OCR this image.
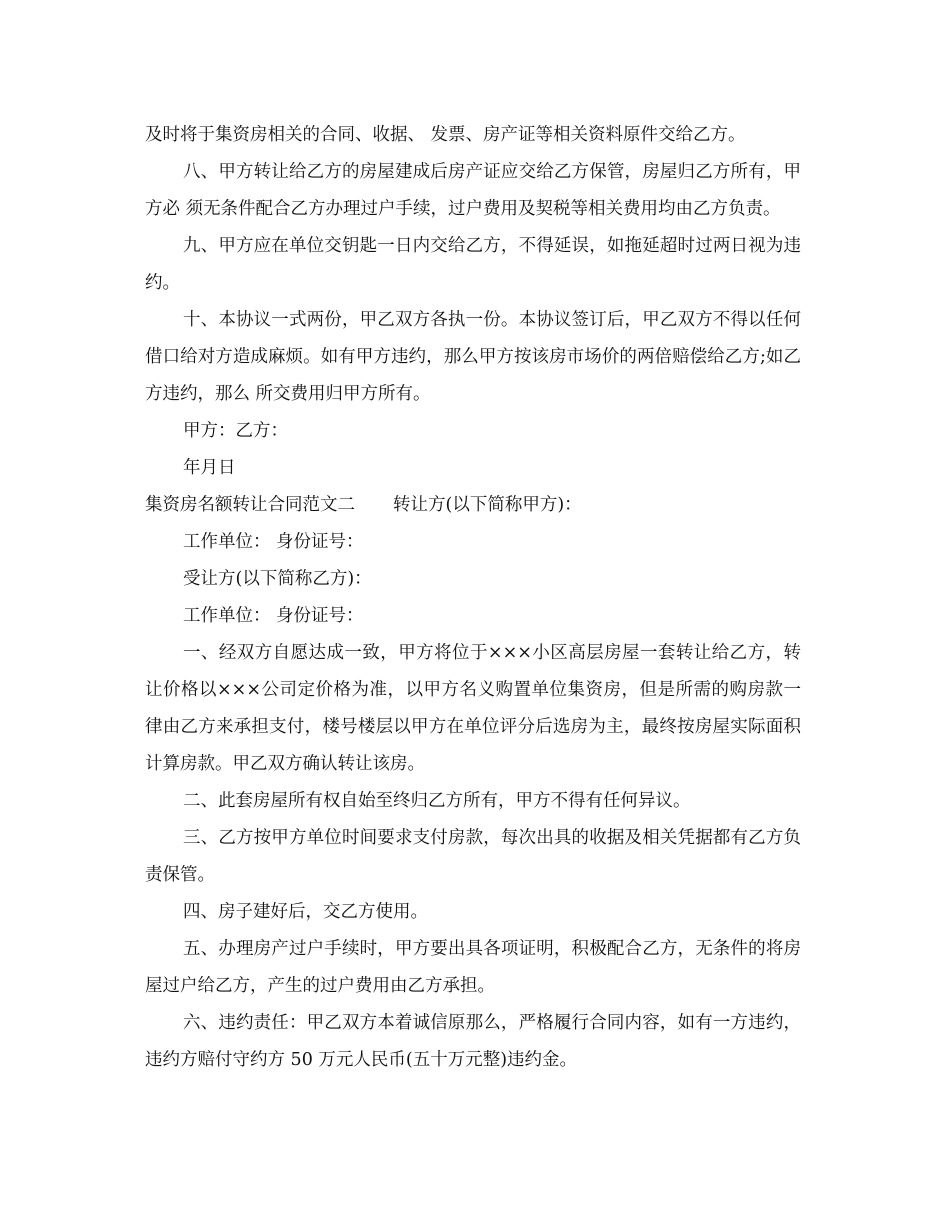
及时将于集资房相关的合同、收据、 发票、房产证等相关资料原件交给乙方。

八、甲方转让给乙方的房屋建成后房产证应交给乙方保管，房屋归乙方所有，甲方必 须无条件配合乙方办理过户手续，过户费用及契税等相关费用均由乙方负责。

九、甲方应在单位交钥匙一日内交给乙方，不得延误，如拖延超时过两日视为违约。

十、本协议一式两份，甲乙双方各执一份。本协议签订后，甲乙双方不得以任何借口给对方造成麻烦。如有甲方违约，那么甲方按该房市场价的两倍赔偿给乙方;如乙方违约，那么 所交费用归甲方所有。

甲方：乙方：

年月日

集资房名额转让合同范文二 转让方(以下简称甲方)：

工作单位： 身份证号：

受让方(以下简称乙方)：

工作单位： 身份证号：

一、经双方自愿达成一致，甲方将位于×××小区高层房屋一套转让给乙方，转让价格以×××公司定价格为准，以甲方名义购置单位集资房，但是所需的购房款一律由乙方来承担支付，楼号楼层以甲方在单位评分后选房为主，最终按房屋实际面积计算房款。甲乙双方确认转让该房。

二、此套房屋所有权自始至终归乙方所有，甲方不得有任何异议。

三、乙方按甲方单位时间要求支付房款，每次出具的收据及相关凭据都有乙方负责保管。

四、房子建好后，交乙方使用。

五、办理房产过户手续时，甲方要出具各项证明，积极配合乙方，无条件的将房屋过户给乙方，产生的过户费用由乙方承担。

六、违约责任：甲乙双方本着诚信原那么，严格履行合同内容，如有一方违约，违约方赔付守约方 50 万元人民币(五十万元整)违约金。
